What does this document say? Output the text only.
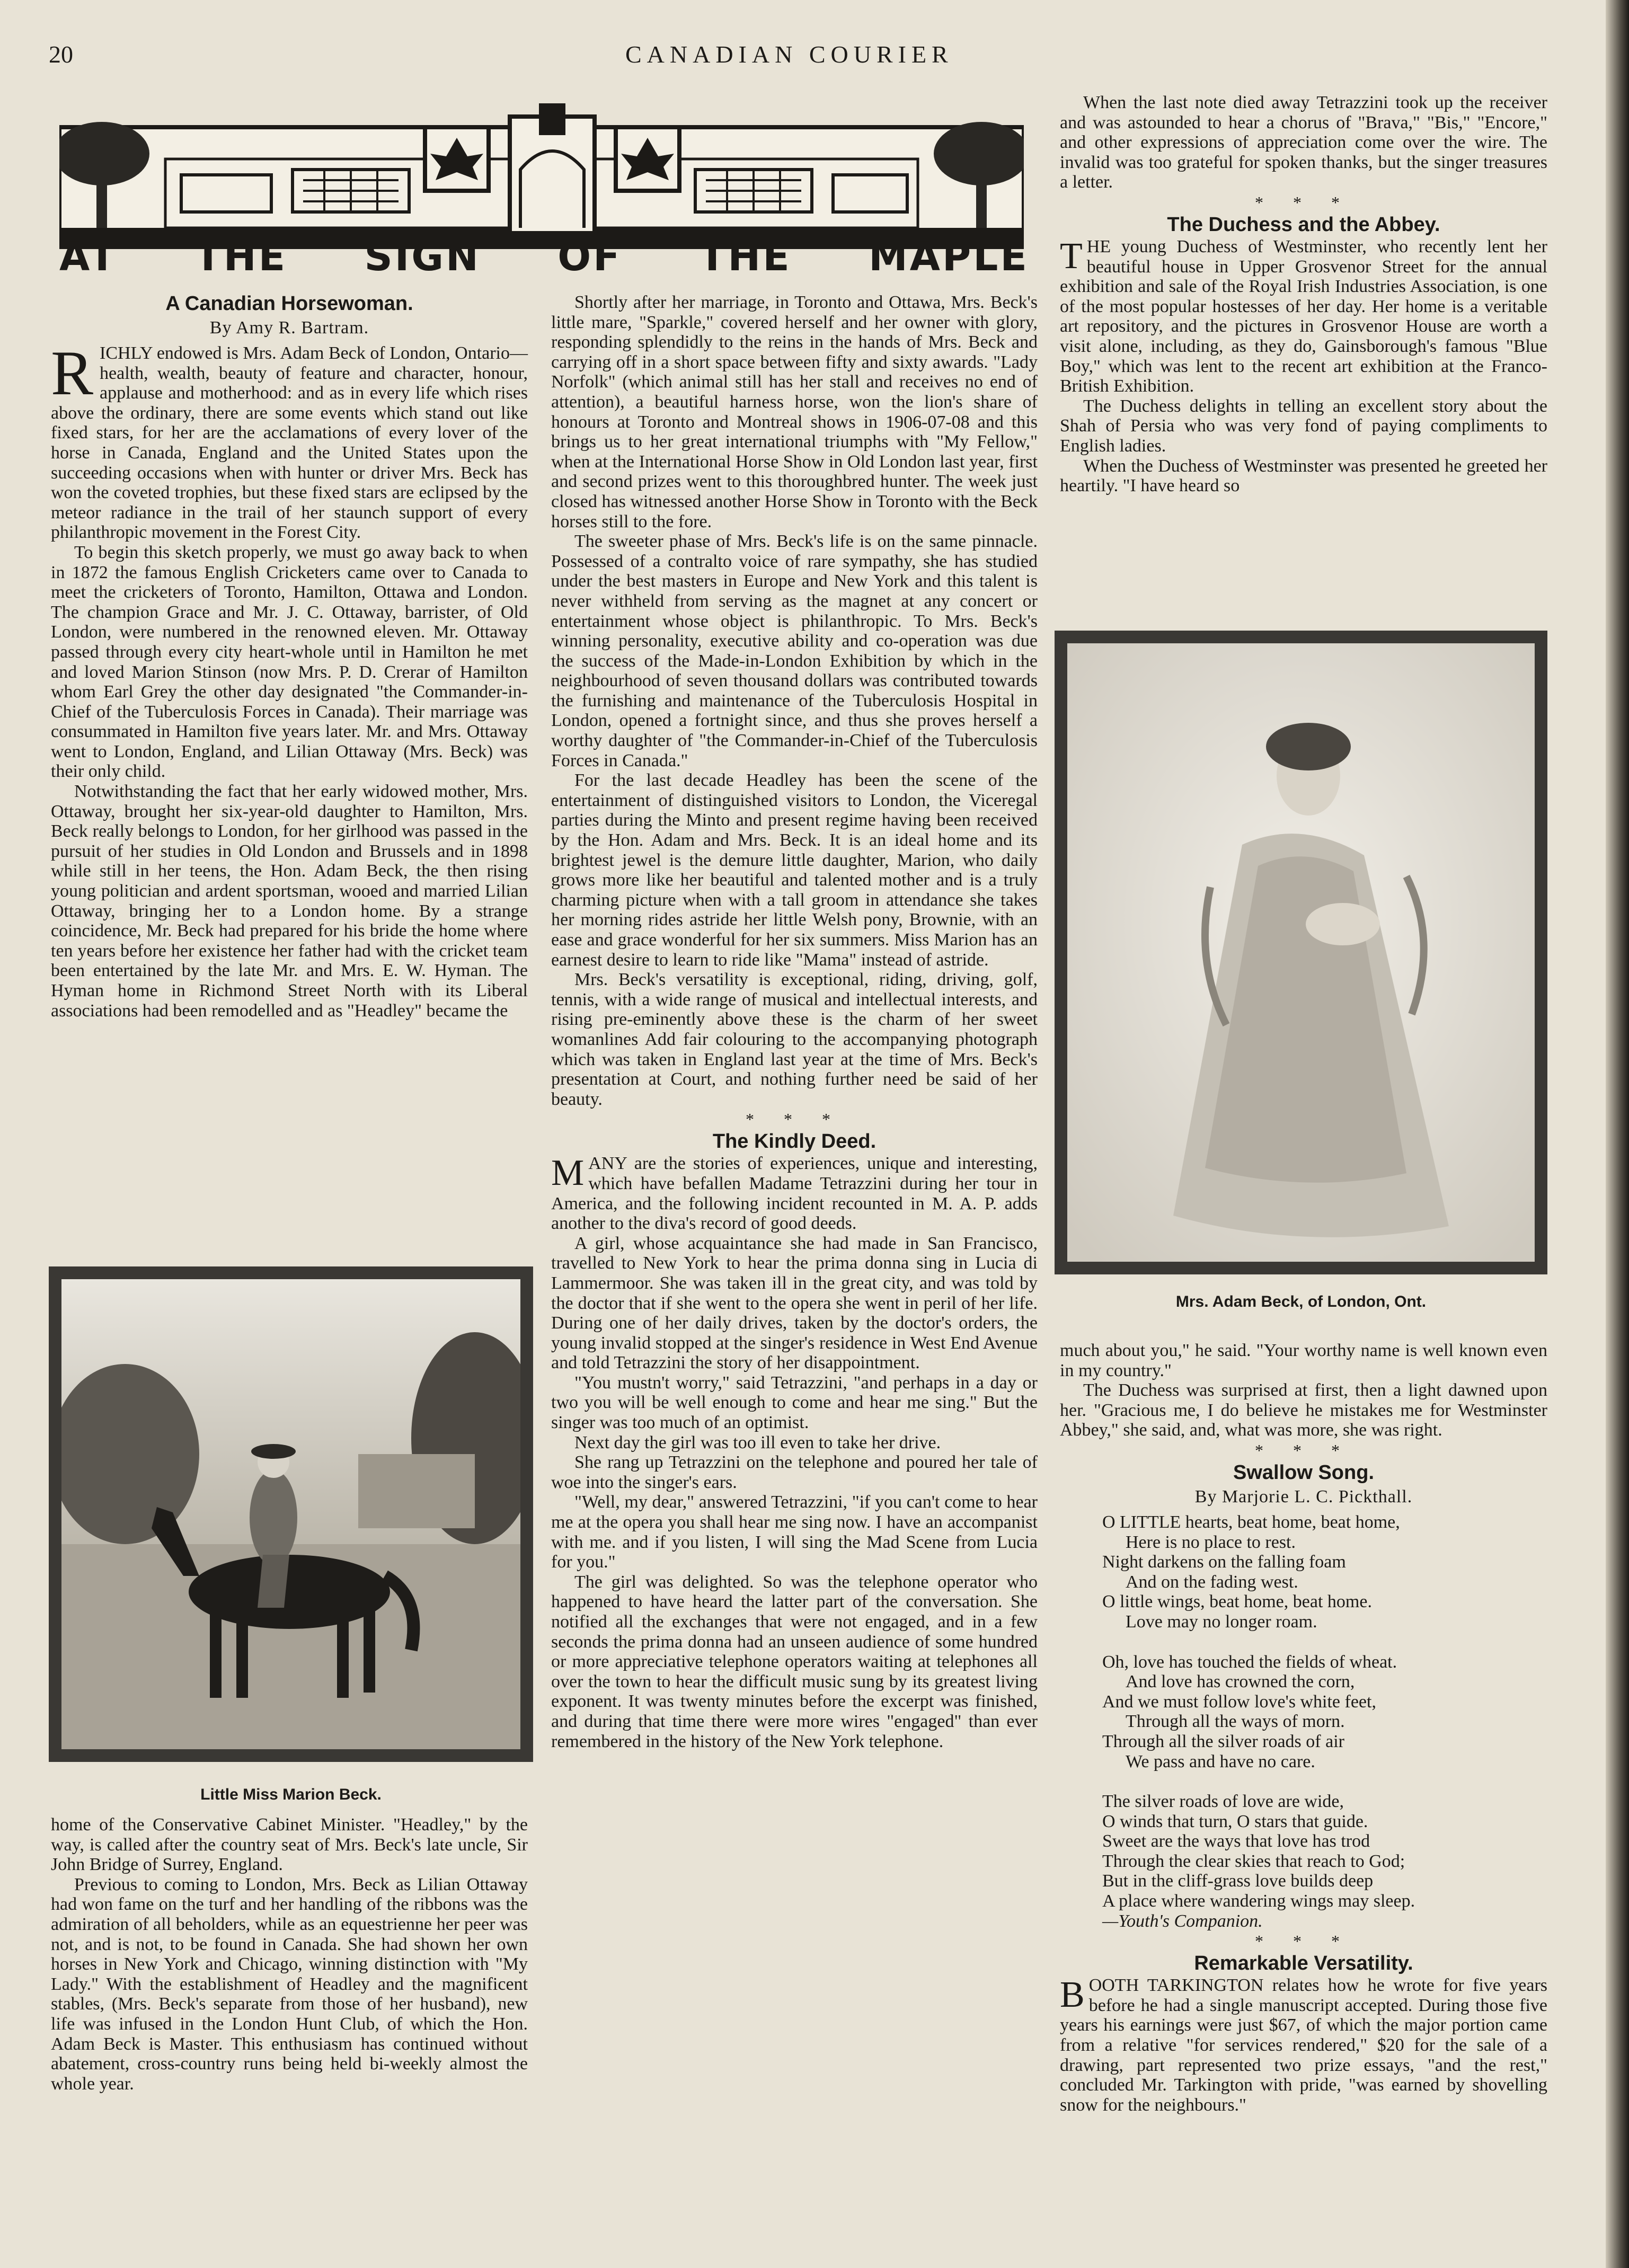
20	CANADIAN COURIER
AT THE SIGN OF THE MAPLE
A Canadian Horsewoman.
By Amy R. Bartram.

RICHLY endowed is Mrs. Adam Beck of London, Ontario—health, wealth, beauty of feature and character, honour, applause and motherhood: and as in every life which rises above the ordinary, there are some events which stand out like fixed stars, for her are the acclamations of every lover of the horse in Canada, England and the United States upon the succeeding occasions when with hunter or driver Mrs. Beck has won the coveted trophies, but these fixed stars are eclipsed by the meteor radiance in the trail of her staunch support of every philanthropic movement in the Forest City.

To begin this sketch properly, we must go away back to when in 1872 the famous English Cricketers came over to Canada to meet the cricketers of Toronto, Hamilton, Ottawa and London. The champion Grace and Mr. J. C. Ottaway, barrister, of Old London, were numbered in the renowned eleven. Mr. Ottaway passed through every city heart-whole until in Hamilton he met and loved Marion Stinson (now Mrs. P. D. Crerar of Hamilton whom Earl Grey the other day designated "the Commander-in-Chief of the Tuberculosis Forces in Canada). Their marriage was consummated in Hamilton five years later. Mr. and Mrs. Ottaway went to London, England, and Lilian Ottaway (Mrs. Beck) was their only child.

Notwithstanding the fact that her early widowed mother, Mrs. Ottaway, brought her six-year-old daughter to Hamilton, Mrs. Beck really belongs to London, for her girlhood was passed in the pursuit of her studies in Old London and Brussels and in 1898 while still in her teens, the Hon. Adam Beck, the then rising young politician and ardent sportsman, wooed and married Lilian Ottaway, bringing her to a London home. By a strange coincidence, Mr. Beck had prepared for his bride the home where ten years before her existence her father had with the cricket team been entertained by the late Mr. and Mrs. E. W. Hyman. The Hyman home in Richmond Street North with its Liberal associations had been remodelled and as "Headley" became the

Little Miss Marion Beck.

home of the Conservative Cabinet Minister. "Headley," by the way, is called after the country seat of Mrs. Beck's late uncle, Sir John Bridge of Surrey, England.

Previous to coming to London, Mrs. Beck as Lilian Ottaway had won fame on the turf and her handling of the ribbons was the admiration of all beholders, while as an equestrienne her peer was not, and is not, to be found in Canada. She had shown her own horses in New York and Chicago, winning distinction with "My Lady." With the establishment of Headley and the magnificent stables, (Mrs. Beck's separate from those of her husband), new life was infused in the London Hunt Club, of which the Hon. Adam Beck is Master. This enthusiasm has continued without abatement, cross-country runs being held bi-weekly almost the whole year.

Shortly after her marriage, in Toronto and Ottawa, Mrs. Beck's little mare, "Sparkle," covered herself and her owner with glory, responding splendidly to the reins in the hands of Mrs. Beck and carrying off in a short space between fifty and sixty awards. "Lady Norfolk" (which animal still has her stall and receives no end of attention), a beautiful harness horse, won the lion's share of honours at Toronto and Montreal shows in 1906-07-08 and this brings us to her great international triumphs with "My Fellow," when at the International Horse Show in Old London last year, first and second prizes went to this thoroughbred hunter. The week just closed has witnessed another Horse Show in Toronto with the Beck horses still to the fore.

The sweeter phase of Mrs. Beck's life is on the same pinnacle. Possessed of a contralto voice of rare sympathy, she has studied under the best masters in Europe and New York and this talent is never withheld from serving as the magnet at any concert or entertainment whose object is philanthropic. To Mrs. Beck's winning personality, executive ability and co-operation was due the success of the Made-in-London Exhibition by which in the neighbourhood of seven thousand dollars was contributed towards the furnishing and maintenance of the Tuberculosis Hospital in London, opened a fortnight since, and thus she proves herself a worthy daughter of "the Commander-in-Chief of the Tuberculosis Forces in Canada."

For the last decade Headley has been the scene of the entertainment of distinguished visitors to London, the Viceregal parties during the Minto and present regime having been received by the Hon. Adam and Mrs. Beck. It is an ideal home and its brightest jewel is the demure little daughter, Marion, who daily grows more like her beautiful and talented mother and is a truly charming picture when with a tall groom in attendance she takes her morning rides astride her little Welsh pony, Brownie, with an ease and grace wonderful for her six summers. Miss Marion has an earnest desire to learn to ride like "Mama" instead of astride.

Mrs. Beck's versatility is exceptional, riding, driving, golf, tennis, with a wide range of musical and intellectual interests, and rising pre-eminently above these is the charm of her sweet womanlines Add fair colouring to the accompanying photograph which was taken in England last year at the time of Mrs. Beck's presentation at Court, and nothing further need be said of her beauty.

* * *
The Kindly Deed.

MANY are the stories of experiences, unique and interesting, which have befallen Madame Tetrazzini during her tour in America, and the following incident recounted in M. A. P. adds another to the diva's record of good deeds.

A girl, whose acquaintance she had made in San Francisco, travelled to New York to hear the prima donna sing in Lucia di Lammermoor. She was taken ill in the great city, and was told by the doctor that if she went to the opera she went in peril of her life. During one of her daily drives, taken by the doctor's orders, the young invalid stopped at the singer's residence in West End Avenue and told Tetrazzini the story of her disappointment.

"You mustn't worry," said Tetrazzini, "and perhaps in a day or two you will be well enough to come and hear me sing." But the singer was too much of an optimist.

Next day the girl was too ill even to take her drive.

She rang up Tetrazzini on the telephone and poured her tale of woe into the singer's ears.

"Well, my dear," answered Tetrazzini, "if you can't come to hear me at the opera you shall hear me sing now. I have an accompanist with me. and if you listen, I will sing the Mad Scene from Lucia for you."

The girl was delighted. So was the telephone operator who happened to have heard the latter part of the conversation. She notified all the exchanges that were not engaged, and in a few seconds the prima donna had an unseen audience of some hundred or more appreciative telephone operators waiting at telephones all over the town to hear the difficult music sung by its greatest living exponent. It was twenty minutes before the excerpt was finished, and during that time there were more wires "engaged" than ever remembered in the history of the New York telephone.

When the last note died away Tetrazzini took up the receiver and was astounded to hear a chorus of "Brava," "Bis," "Encore," and other expressions of appreciation come over the wire. The invalid was too grateful for spoken thanks, but the singer treasures a letter.

* * *
The Duchess and the Abbey.

THE young Duchess of Westminster, who recently lent her beautiful house in Upper Grosvenor Street for the annual exhibition and sale of the Royal Irish Industries Association, is one of the most popular hostesses of her day. Her home is a veritable art repository, and the pictures in Grosvenor House are worth a visit alone, including, as they do, Gainsborough's famous "Blue Boy," which was lent to the recent art exhibition at the Franco-British Exhibition.

The Duchess delights in telling an excellent story about the Shah of Persia who was very fond of paying compliments to English ladies.

When the Duchess of Westminster was presented he greeted her heartily. "I have heard so

Mrs. Adam Beck, of London, Ont.

much about you," he said. "Your worthy name is well known even in my country."

The Duchess was surprised at first, then a light dawned upon her. "Gracious me, I do believe he mistakes me for Westminster Abbey," she said, and, what was more, she was right.

* * *
Swallow Song.
By Marjorie L. C. Pickthall.

O LITTLE hearts, beat home, beat home,

Here is no place to rest.

Night darkens on the falling foam

And on the fading west.

O little wings, beat home, beat home.

Love may no longer roam.

Oh, love has touched the fields of wheat.

And love has crowned the corn,

And we must follow love's white feet,

Through all the ways of morn.

Through all the silver roads of air

We pass and have no care.

The silver roads of love are wide,

O winds that turn, O stars that guide.

Sweet are the ways that love has trod

Through the clear skies that reach to God;

But in the cliff-grass love builds deep

A place where wandering wings may sleep.

—Youth's Companion.

* * *
Remarkable Versatility.

BOOTH TARKINGTON relates how he wrote for five years before he had a single manuscript accepted. During those five years his earnings were just $67, of which the major portion came from a relative "for services rendered," $20 for the sale of a drawing, part represented two prize essays, "and the rest," concluded Mr. Tarkington with pride, "was earned by shovelling snow for the neighbours."
